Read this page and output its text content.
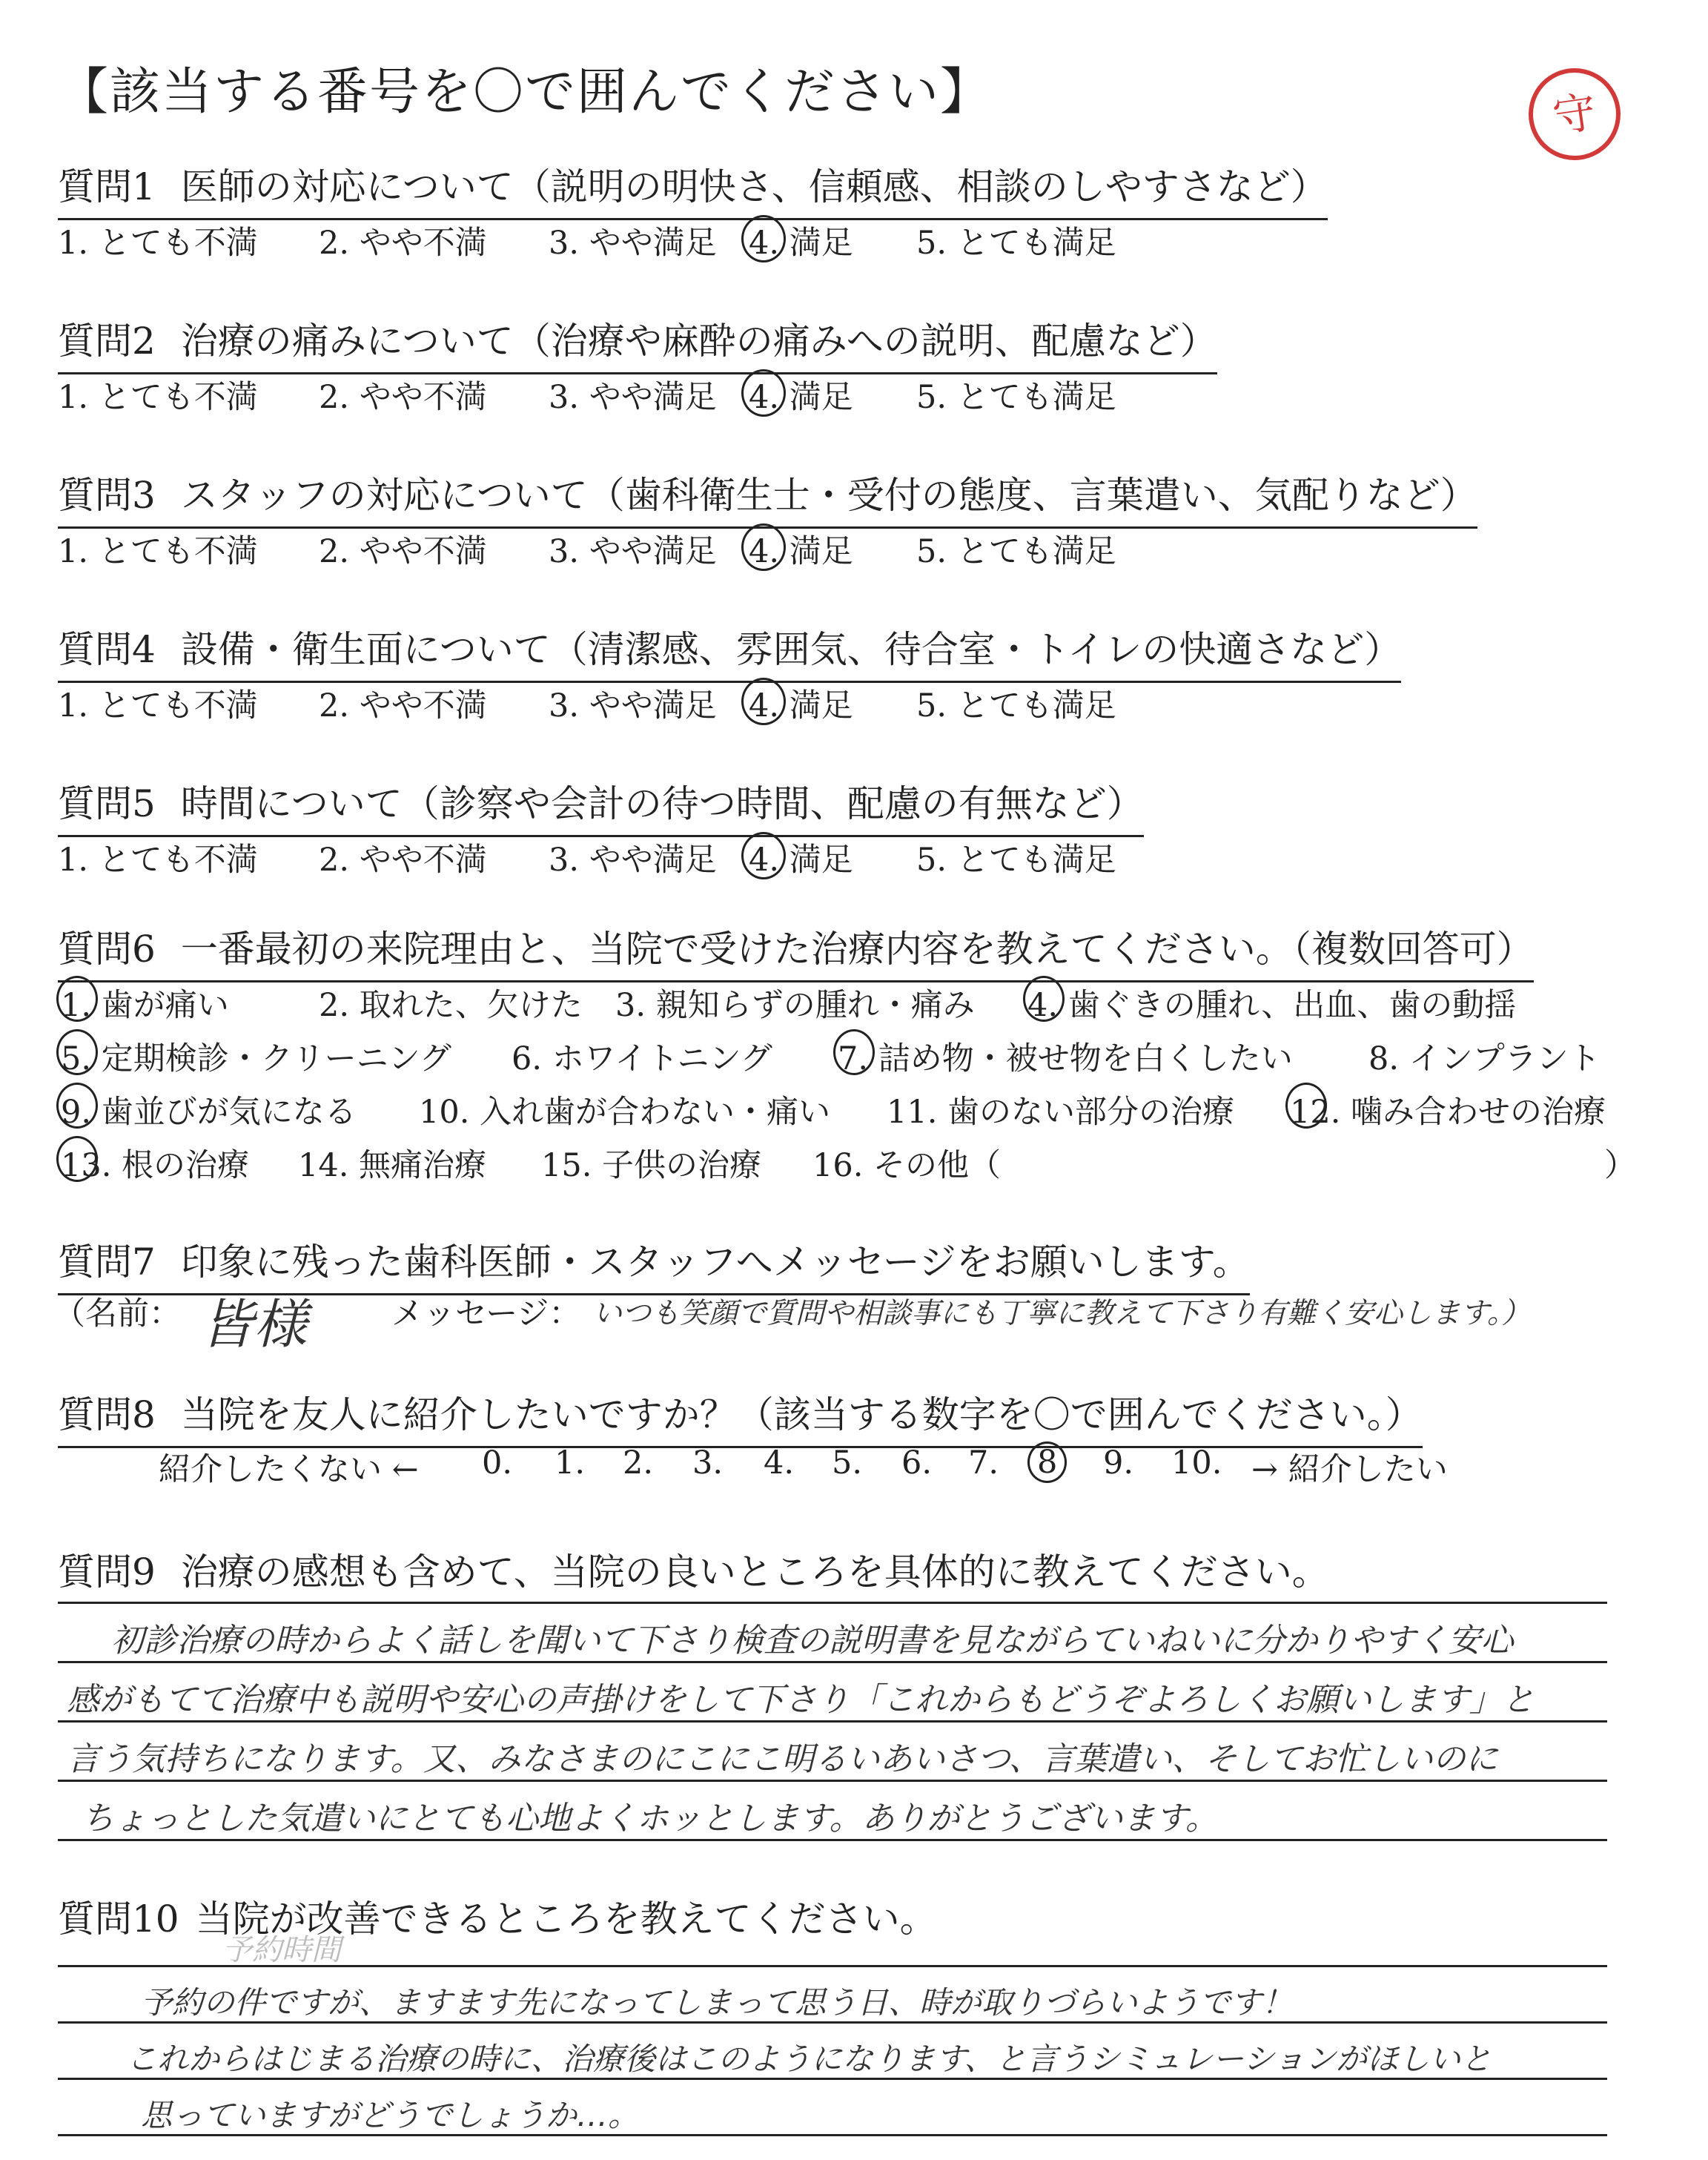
【該当する番号を〇で囲んでください】	守
質問1 医師の対応について（説明の明快さ、信頼感、相談のしやすさなど）
1. とても不満 2. やや不満 3. やや満足 4. 満足	5. とても満足
質問2 治療の痛みについて（治療や麻酔の痛みへの説明、配慮など）
1. とても不満 2. やや不満 3. やや満足 4. 満足	5. とても満足
質問3 スタッフの対応について（歯科衛生士・受付の態度、言葉遣い、気配りなど）
1. とても不満 2. やや不満 3. やや満足 4. 満足	5. とても満足
質問4 設備・衛生面について（清潔感、雰囲気、待合室・トイレの快適さなど）
1. とても不満 2. やや不満 3. やや満足 4. 満足	5. とても満足
質問5 時間について（診察や会計の待つ時間、配慮の有無など）
1. とても不満 2. やや不満 3. やや満足 4. 満足	5. とても満足
質問6 一番最初の来院理由と、当院で受けた治療内容を教えてください。（複数回答可）
1. 歯が痛い	2. 取れた、欠けた 3. 親知らずの腫れ・痛み 4. 歯ぐきの腫れ、出血、歯の動揺
5. 定期検診・クリーニング 6. ホワイトニング 7. 詰め物・被せ物を白くしたい 8. インプラント
9. 歯並びが気になる 10. 入れ歯が合わない・痛い 11. 歯のない部分の治療 12. 噛み合わせの治療
13. 根の治療 14. 無痛治療 15. 子供の治療 16. その他（	）
質問7 印象に残った歯科医師・スタッフへメッセージをお願いします。
（名前： 皆様	メッセージ： いつも笑顔で質問や相談事にも丁寧に教えて下さり有難く安心します。）
質問8 当院を友人に紹介したいですか？（該当する数字を〇で囲んでください。）
紹介したくない ← 0. 1. 2. 3. 4. 5. 6. 7.	8	9. 10. → 紹介したい
質問9 治療の感想も含めて、当院の良いところを具体的に教えてください。
初診治療の時からよく話しを聞いて下さり検査の説明書を見ながらていねいに分かりやすく安心
感がもてて治療中も説明や安心の声掛けをして下さり「これからもどうぞよろしくお願いします」と
言う気持ちになります。又、みなさまのにこにこ明るいあいさつ、言葉遣い、そしてお忙しいのに
ちょっとした気遣いにとても心地よくホッとします。ありがとうございます。
質問10 当院が改善できるところを教えてください。
予約時間
予約の件ですが、ますます先になってしまって思う日、時が取りづらいようです！
これからはじまる治療の時に、治療後はこのようになります、と言うシミュレーションがほしいと
思っていますがどうでしょうか…。
